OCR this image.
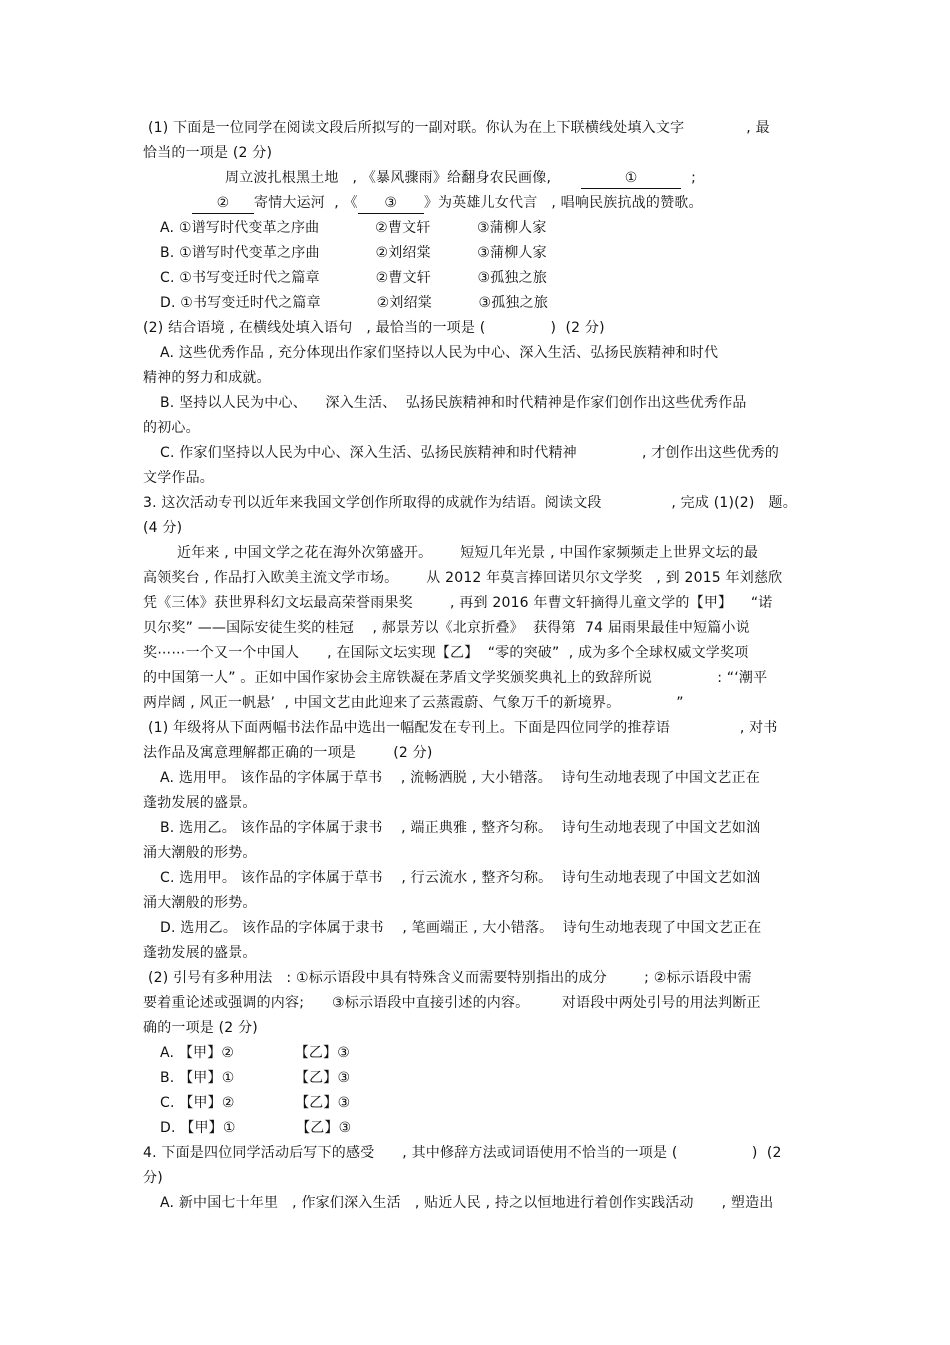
(1) 下面是一位同学在阅读文段后所拟写的一副对联。你认为在上下联横线处填入文字	, 最
恰当的一项是 (2 分)
周立波扎根黑土地   , 《暴风骤雨》给翻身农民画像,	①	;
② 寄情大运河  , 《 ③ 》为英雄儿女代言   , 唱响民族抗战的赞歌。
A. ①谱写时代变革之序曲            ②曹文轩          ③蒲柳人家
B. ①谱写时代变革之序曲            ②刘绍棠          ③蒲柳人家
C. ①书写变迁时代之篇章            ②曹文轩          ③孤独之旅
D. ①书写变迁时代之篇章            ②刘绍棠          ③孤独之旅
(2) 结合语境 , 在横线处填入语句   , 最恰当的一项是 (              )  (2 分)
A. 这些优秀作品 , 充分体现出作家们坚持以人民为中心、深入生活、弘扬民族精神和时代
精神的努力和成就。
B. 坚持以人民为中心、    深入生活、  弘扬民族精神和时代精神是作家们创作出这些优秀作品
的初心。
C. 作家们坚持以人民为中心、深入生活、弘扬民族精神和时代精神              , 才创作出这些优秀的
文学作品。
3. 这次活动专刊以近年来我国文学创作所取得的成就作为结语。阅读文段               , 完成 (1)(2)   题。
(4 分)
近年来 , 中国文学之花在海外次第盛开。      短短几年光景 , 中国作家频频走上世界文坛的最
高领奖台 , 作品打入欧美主流文学市场。      从 2012 年莫言捧回诺贝尔文学奖   , 到 2015 年刘慈欣
凭《三体》获世界科幻文坛最高荣誉雨果奖        , 再到 2016 年曹文轩摘得儿童文学的【甲】    “诺
贝尔奖” ——国际安徒生奖的桂冠    , 郝景芳以《北京折叠》  获得第  74 届雨果最佳中短篇小说
奖⋯⋯一个又一个中国人      , 在国际文坛实现【乙】  “零的突破”  , 成为多个全球权威文学奖项
的中国第一人” 。正如中国作家协会主席铁凝在茅盾文学奖颁奖典礼上的致辞所说              : “‘潮平
两岸阔 , 风正一帆悬’  , 中国文艺由此迎来了云蒸霞蔚、气象万千的新境界。            ”
(1) 年级将从下面两幅书法作品中选出一幅配发在专刊上。下面是四位同学的推荐语               , 对书
法作品及寓意理解都正确的一项是        (2 分)
A. 选用甲。 该作品的字体属于草书    , 流畅洒脱 , 大小错落。  诗句生动地表现了中国文艺正在
蓬勃发展的盛景。
B. 选用乙。 该作品的字体属于隶书    , 端正典雅 , 整齐匀称。  诗句生动地表现了中国文艺如汹
涌大潮般的形势。
C. 选用甲。 该作品的字体属于草书    , 行云流水 , 整齐匀称。  诗句生动地表现了中国文艺如汹
涌大潮般的形势。
D. 选用乙。 该作品的字体属于隶书    , 笔画端正 , 大小错落。  诗句生动地表现了中国文艺正在
蓬勃发展的盛景。
(2) 引号有多种用法   : ①标示语段中具有特殊含义而需要特别指出的成分        ; ②标示语段中需
要着重论述或强调的内容;      ③标示语段中直接引述的内容。       对语段中两处引号的用法判断正
确的一项是 (2 分)
A. 【甲】②             【乙】③
B. 【甲】①             【乙】③
C. 【甲】②             【乙】③
D. 【甲】①             【乙】③
4. 下面是四位同学活动后写下的感受      , 其中修辞方法或词语使用不恰当的一项是 (                )  (2
分)
A. 新中国七十年里   , 作家们深入生活   , 贴近人民 , 持之以恒地进行着创作实践活动      , 塑造出
